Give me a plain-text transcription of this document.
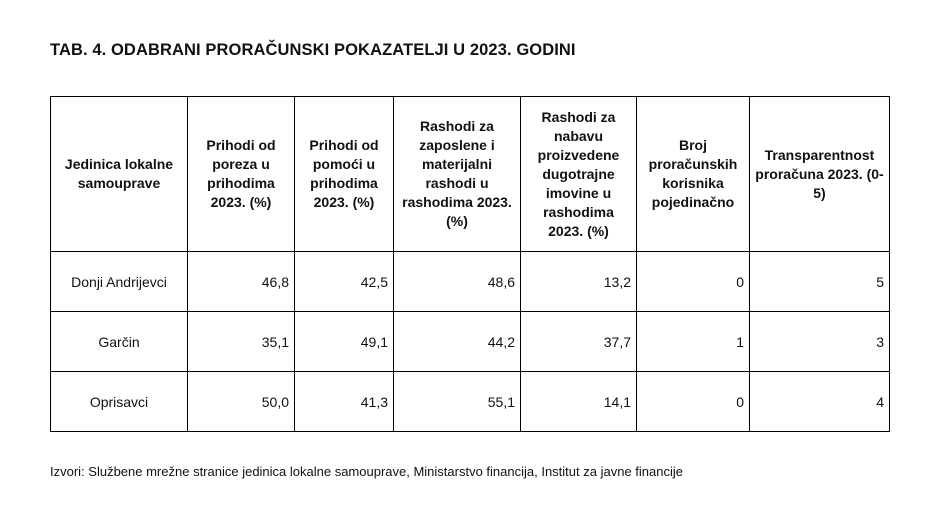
TAB. 4. ODABRANI PRORAČUNSKI POKAZATELJI U 2023. GODINI
Jedinica lokalne samouprave	Prihodi od poreza u prihodima 2023. (%)	Prihodi od pomoći u prihodima 2023. (%)	Rashodi za zaposlene i materijalni rashodi u rashodima 2023. (%)	Rashodi za nabavu proizvedene dugotrajne imovine u rashodima 2023. (%)	Broj proračunskih korisnika pojedinačno	Transparentnost proračuna 2023. (0-5)
Donji Andrijevci	46,8	42,5	48,6	13,2	0	5
Garčin	35,1	49,1	44,2	37,7	1	3
Oprisavci	50,0	41,3	55,1	14,1	0	4
Izvori: Službene mrežne stranice jedinica lokalne samouprave, Ministarstvo financija, Institut za javne financije
